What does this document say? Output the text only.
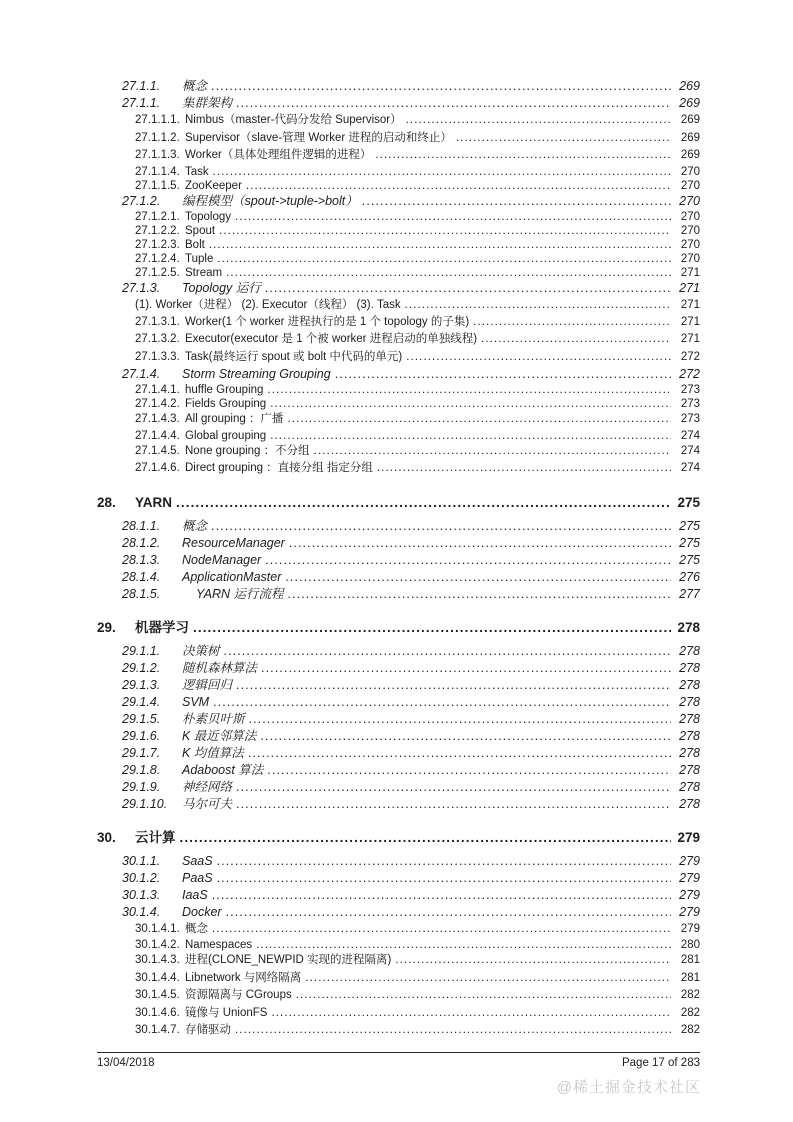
27.1.1.	概念 .....	269
27.1.1.	集群架构 .....	269
27.1.1.1. Nimbus（master-代码分发给 Supervisor） .....	269
27.1.1.2. Supervisor（slave-管理 Worker 进程的启动和终止） .....	269
27.1.1.3. Worker（具体处理组件逻辑的进程） .....	269
27.1.1.4. Task .....	270
27.1.1.5. ZooKeeper .....	270
27.1.2.	编程模型（spout->tuple->bolt） .....	270
27.1.2.1. Topology .....	270
27.1.2.2. Spout .....	270
27.1.2.3. Bolt .....	270
27.1.2.4. Tuple .....	270
27.1.2.5. Stream .....	271
27.1.3.	Topology 运行 .....	271
(1). Worker（进程） (2). Executor（线程） (3). Task .....	271
27.1.3.1. Worker(1 个 worker 进程执行的是 1 个 topology 的子集) .....	271
27.1.3.2. Executor(executor 是 1 个被 worker 进程启动的单独线程) .....	271
27.1.3.3. Task(最终运行 spout 或 bolt 中代码的单元) .....	272
27.1.4.	Storm Streaming Grouping .....	272
27.1.4.1. huffle Grouping .....	273
27.1.4.2. Fields Grouping .....	273
27.1.4.3. All grouping ：广播 .....	273
27.1.4.4. Global grouping .....	274
27.1.4.5. None grouping ：不分组 .....	274
27.1.4.6. Direct grouping ：直接分组 指定分组 .....	274
28.	YARN .....	275
28.1.1.	概念 .....	275
28.1.2.	ResourceManager .....	275
28.1.3.	NodeManager .....	275
28.1.4.	ApplicationMaster .....	276
28.1.5.	YARN 运行流程 .....	277
29.	机器学习 .....	278
29.1.1.	决策树 .....	278
29.1.2.	随机森林算法 .....	278
29.1.3.	逻辑回归 .....	278
29.1.4.	SVM .....	278
29.1.5.	朴素贝叶斯 .....	278
29.1.6.	K 最近邻算法 .....	278
29.1.7.	K 均值算法 .....	278
29.1.8.	Adaboost 算法 .....	278
29.1.9.	神经网络 .....	278
29.1.10.	马尔可夫 .....	278
30.	云计算 .....	279
30.1.1.	SaaS .....	279
30.1.2.	PaaS .....	279
30.1.3.	IaaS .....	279
30.1.4.	Docker .....	279
30.1.4.1. 概念 .....	279
30.1.4.2. Namespaces .....	280
30.1.4.3. 进程(CLONE_NEWPID 实现的进程隔离) .....	281
30.1.4.4. Libnetwork 与网络隔离 .....	281
30.1.4.5. 资源隔离与 CGroups .....	282
30.1.4.6. 镜像与 UnionFS .....	282
30.1.4.7. 存储驱动 .....	282
13/04/2018	Page 17 of 283
@稀土掘金技术社区
